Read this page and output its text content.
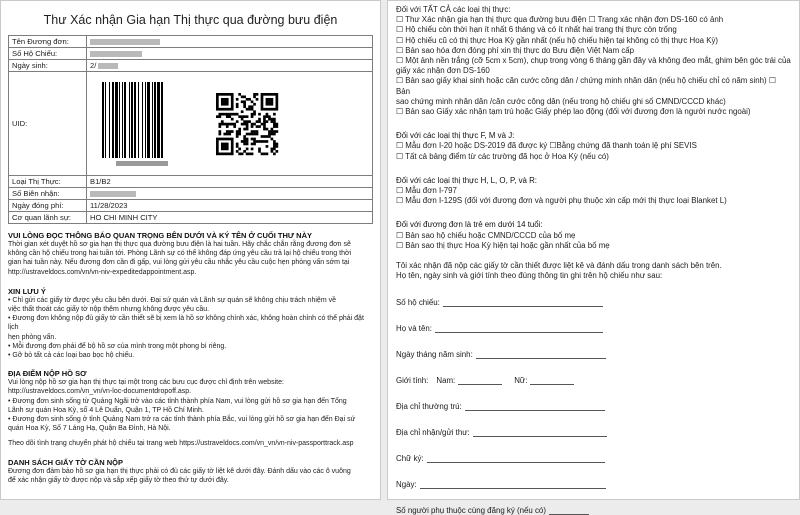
Thư Xác nhận Gia hạn Thị thực qua đường bưu điện
Tên Đương đơn:	
Số Hộ Chiếu:	
Ngày sinh:	2/
UID:	

Loại Thị Thực:	B1/B2
Số Biên nhận:	
Ngày đóng phí:	11/28/2023
Cơ quan lãnh sự:	HO CHI MINH CITY
VUI LÒNG ĐỌC THÔNG BÁO QUAN TRỌNG BÊN DƯỚI VÀ KÝ TÊN Ở CUỐI THƯ NÀY
Thời gian xét duyệt hồ sơ gia hạn thị thực qua đường bưu điện là hai tuần. Hãy chắc chắn rằng đương đơn sẽ
không cần hộ chiếu trong hai tuần tới. Phòng Lãnh sự có thể không đáp ứng yêu cầu trả lại hộ chiếu trong thời
gian hai tuần này. Nếu đương đơn cần đi gấp, vui lòng gửi yêu cầu nhắc yêu cầu cuộc hẹn phỏng vấn sớm tại
http://ustraveldocs.com/vn/vn-niv-expeditedappointment.asp.
XIN LƯU Ý
• Chỉ gửi các giấy tờ được yêu cầu bên dưới. Đại sứ quán và Lãnh sự quán sẽ không chịu trách nhiệm về
việc thất thoát các giấy tờ nộp thêm nhưng không được yêu cầu.
• Đương đơn không nộp đủ giấy tờ cần thiết sẽ bị xem là hồ sơ không chính xác, không hoàn chỉnh có thể phải đặt lịch
hẹn phỏng vấn.
• Mỗi đương đơn phải để bộ hồ sơ của mình trong một phong bì riêng.
• Gỡ bỏ tất cả các loại bao bọc hộ chiếu.
ĐỊA ĐIỂM NỘP HỒ SƠ
Vui lòng nộp hồ sơ gia hạn thị thực tại một trong các bưu cục được chỉ định trên website:
http://ustraveldocs.com/vn_vn/vn-loc-documentdropoff.asp.
• Đương đơn sinh sống từ Quảng Ngãi trở vào các tỉnh thành phía Nam, vui lòng gửi hồ sơ gia hạn đến Tổng
Lãnh sự quán Hoa Kỳ, số 4 Lê Duẩn, Quận 1, TP Hồ Chí Minh.
• Đương đơn sinh sống ở tỉnh Quảng Nam trở ra các tỉnh thành phía Bắc, vui lòng gửi hồ sơ gia hạn đến Đại sứ
quán Hoa Kỳ, Số 7 Láng Hạ, Quận Ba Đình, Hà Nội.
Theo dõi tình trạng chuyển phát hộ chiếu tại trang web https://ustraveldocs.com/vn_vn/vn-niv-passporttrack.asp
DANH SÁCH GIẤY TỜ CẦN NỘP
Đương đơn đảm bảo hồ sơ gia hạn thị thực phải có đủ các giấy tờ liệt kê dưới đây. Đánh dấu vào các ô vuông
để xác nhận giấy tờ được nộp và sắp xếp giấy tờ theo thứ tự dưới đây.
Đối với TẤT CẢ các loại thị thực:
☐ Thư Xác nhận gia hạn thị thực qua đường bưu điện ☐ Trang xác nhận đơn DS-160 có ảnh
☐ Hộ chiếu còn thời hạn ít nhất 6 tháng và có ít nhất hai trang thị thực còn trống
☐ Hộ chiếu cũ có thị thực Hoa Kỳ gần nhất (nếu hộ chiếu hiện tại không có thị thực Hoa Kỳ)
☐ Bản sao hóa đơn đóng phí xin thị thực do Bưu điện Việt Nam cấp
☐ Một ảnh nền trắng (cỡ 5cm x 5cm), chụp trong vòng 6 tháng gần đây và không đeo mắt, ghim bên góc trái của
giấy xác nhận đơn DS-160
☐ Bản sao giấy khai sinh hoặc căn cước công dân / chứng minh nhân dân (nếu hộ chiếu chỉ có năm sinh) ☐ Bản
sao chứng minh nhân dân /căn cước công dân (nếu trong hộ chiếu ghi số CMND/CCCD khác)
☐ Bản sao Giấy xác nhận tạm trú hoặc Giấy phép lao động (đối với đương đơn là người nước ngoài)
Đối với các loại thị thực F, M và J:
☐ Mẫu đơn I-20 hoặc DS-2019 đã được ký ☐Bằng chứng đã thanh toán lệ phí SEVIS
☐ Tất cả bảng điểm từ các trường đã học ở Hoa Kỳ (nếu có)
Đối với các loại thị thực H, L, O, P, và R:
☐ Mẫu đơn I-797
☐ Mẫu đơn I-129S (đối với đương đơn và người phụ thuộc xin cấp mới thị thực loại Blanket L)
Đối với đương đơn là trẻ em dưới 14 tuổi:
☐ Bản sao hộ chiếu hoặc CMND/CCCD của bố mẹ
☐ Bản sao thị thực Hoa Kỳ hiện tại hoặc gần nhất của bố mẹ
Tôi xác nhận đã nộp các giấy tờ cần thiết được liệt kê và đánh dấu trong danh sách bên trên.
Họ tên, ngày sinh và giới tính theo đúng thông tin ghi trên hộ chiếu như sau:
Số hộ chiếu:
Họ và tên:
Ngày tháng năm sinh:
Giới tính: Nam:	Nữ:
Địa chỉ thường trú:
Địa chỉ nhận/gửi thư:
Chữ ký:
Ngày:
Số người phụ thuộc cùng đăng ký (nếu có)
